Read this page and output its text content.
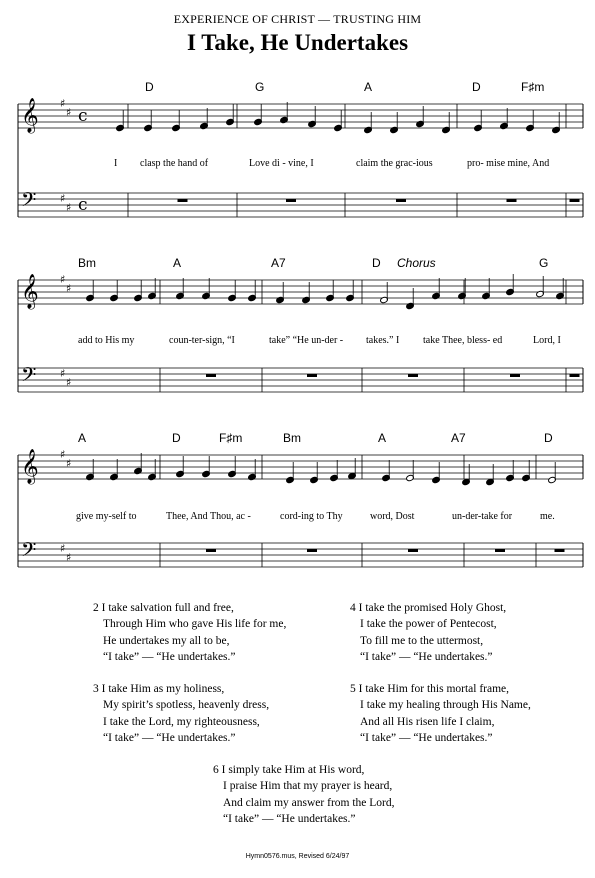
EXPERIENCE OF CHRIST — TRUSTING HIM
I Take, He Undertakes
𝄞
𝄢
♯
♯
♯
♯
c
c
𝄞
𝄢
♯
♯
♯
♯
𝄞
𝄢
♯
♯
♯
♯
D	G	A	D	F♯m
I clasp the hand of	Love di - vine, I	claim the grac-ious	pro- mise mine, And
Bm	A	A7	D Chorus	G
add to His my	coun-ter-sign, “I	take” “He un-der - takes.” I take Thee, bless- ed	Lord, I
A	D	F♯m	Bm	A	A7	D
give my-self to	Thee, And Thou, ac -	cord-ing to Thy	word, Dost	un-der-take for	me.
2 I take salvation full and free,
Through Him who gave His life for me,
He undertakes my all to be,
“I take” — “He undertakes.”
4 I take the promised Holy Ghost,
I take the power of Pentecost,
To fill me to the uttermost,
“I take” — “He undertakes.”
3 I take Him as my holiness,
My spirit’s spotless, heavenly dress,
I take the Lord, my righteousness,
“I take” — “He undertakes.”
5 I take Him for this mortal frame,
I take my healing through His Name,
And all His risen life I claim,
“I take” — “He undertakes.”
6 I simply take Him at His word,
I praise Him that my prayer is heard,
And claim my answer from the Lord,
“I take” — “He undertakes.”
Hymn0576.mus, Revised 6/24/97
